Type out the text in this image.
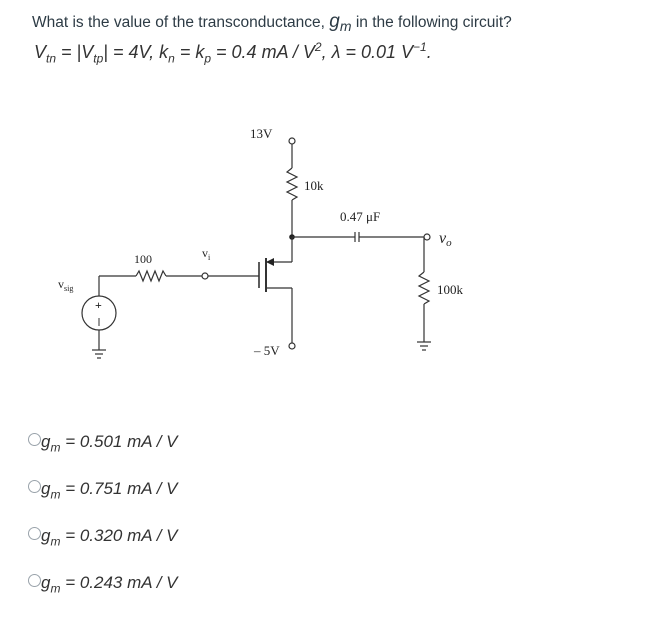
What is the value of the transconductance, $g_m$ in the following circuit?
$V_{tn} = |V_{tp}| = 4V$, $k_n = k_p = 0.4$ mA / $V^2$, λ = 0.01 $V^{-1}$.
13V
10k
0.47 μF
vo
100k
100	$v_i$
$v_{sig}$
+
– 5V
$g_m = 0.501$ mA / V
$g_m = 0.751$ mA / V
$g_m = 0.320$ mA / V
$g_m = 0.243$ mA / V
